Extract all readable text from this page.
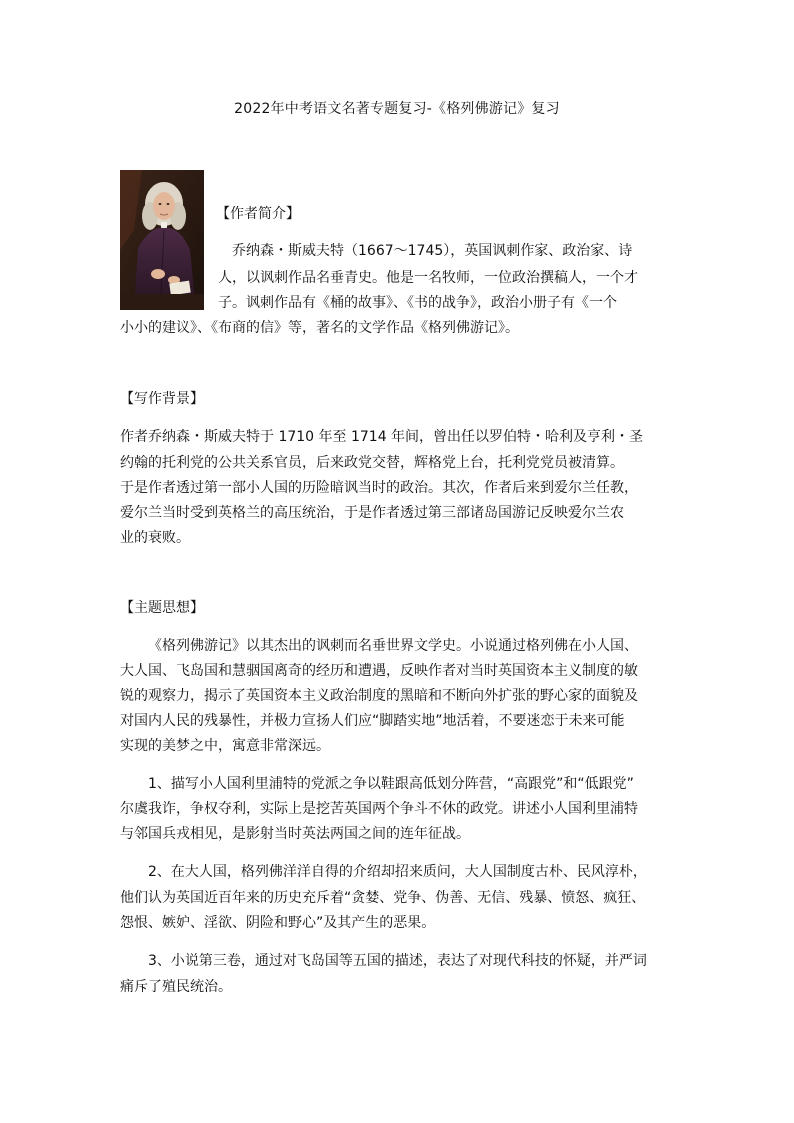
2022年中考语文名著专题复习-《格列佛游记》复习
【作者简介】
乔纳森・斯威夫特（1667～1745），英国讽刺作家、政治家、诗
人，以讽刺作品名垂青史。他是一名牧师，一位政治撰稿人，一个才
子。讽刺作品有《桶的故事》、《书的战争》，政治小册子有《一个
小小的建议》、《布商的信》等，著名的文学作品《格列佛游记》。
【写作背景】
作者乔纳森・斯威夫特于 1710 年至 1714 年间，曾出任以罗伯特・哈利及亨利・圣
约翰的托利党的公共关系官员，后来政党交替，辉格党上台，托利党党员被清算。
于是作者透过第一部小人国的历险暗讽当时的政治。其次，作者后来到爱尔兰任教，
爱尔兰当时受到英格兰的高压统治，于是作者透过第三部诸岛国游记反映爱尔兰农
业的衰败。
【主题思想】
《格列佛游记》以其杰出的讽刺而名垂世界文学史。小说通过格列佛在小人国、
大人国、飞岛国和慧骃国离奇的经历和遭遇，反映作者对当时英国资本主义制度的敏
锐的观察力，揭示了英国资本主义政治制度的黑暗和不断向外扩张的野心家的面貌及
对国内人民的残暴性，并极力宣扬人们应“脚踏实地”地活着，不要迷恋于未来可能
实现的美梦之中，寓意非常深远。
1、描写小人国利里浦特的党派之争以鞋跟高低划分阵营，“高跟党”和“低跟党”
尔虞我诈，争权夺利，实际上是挖苦英国两个争斗不休的政党。讲述小人国利里浦特
与邻国兵戎相见，是影射当时英法两国之间的连年征战。
2、在大人国，格列佛洋洋自得的介绍却招来质问，大人国制度古朴、民风淳朴，
他们认为英国近百年来的历史充斥着“贪婪、党争、伪善、无信、残暴、愤怒、疯狂、
怨恨、嫉妒、淫欲、阴险和野心”及其产生的恶果。
3、小说第三卷，通过对飞岛国等五国的描述，表达了对现代科技的怀疑，并严词
痛斥了殖民统治。
